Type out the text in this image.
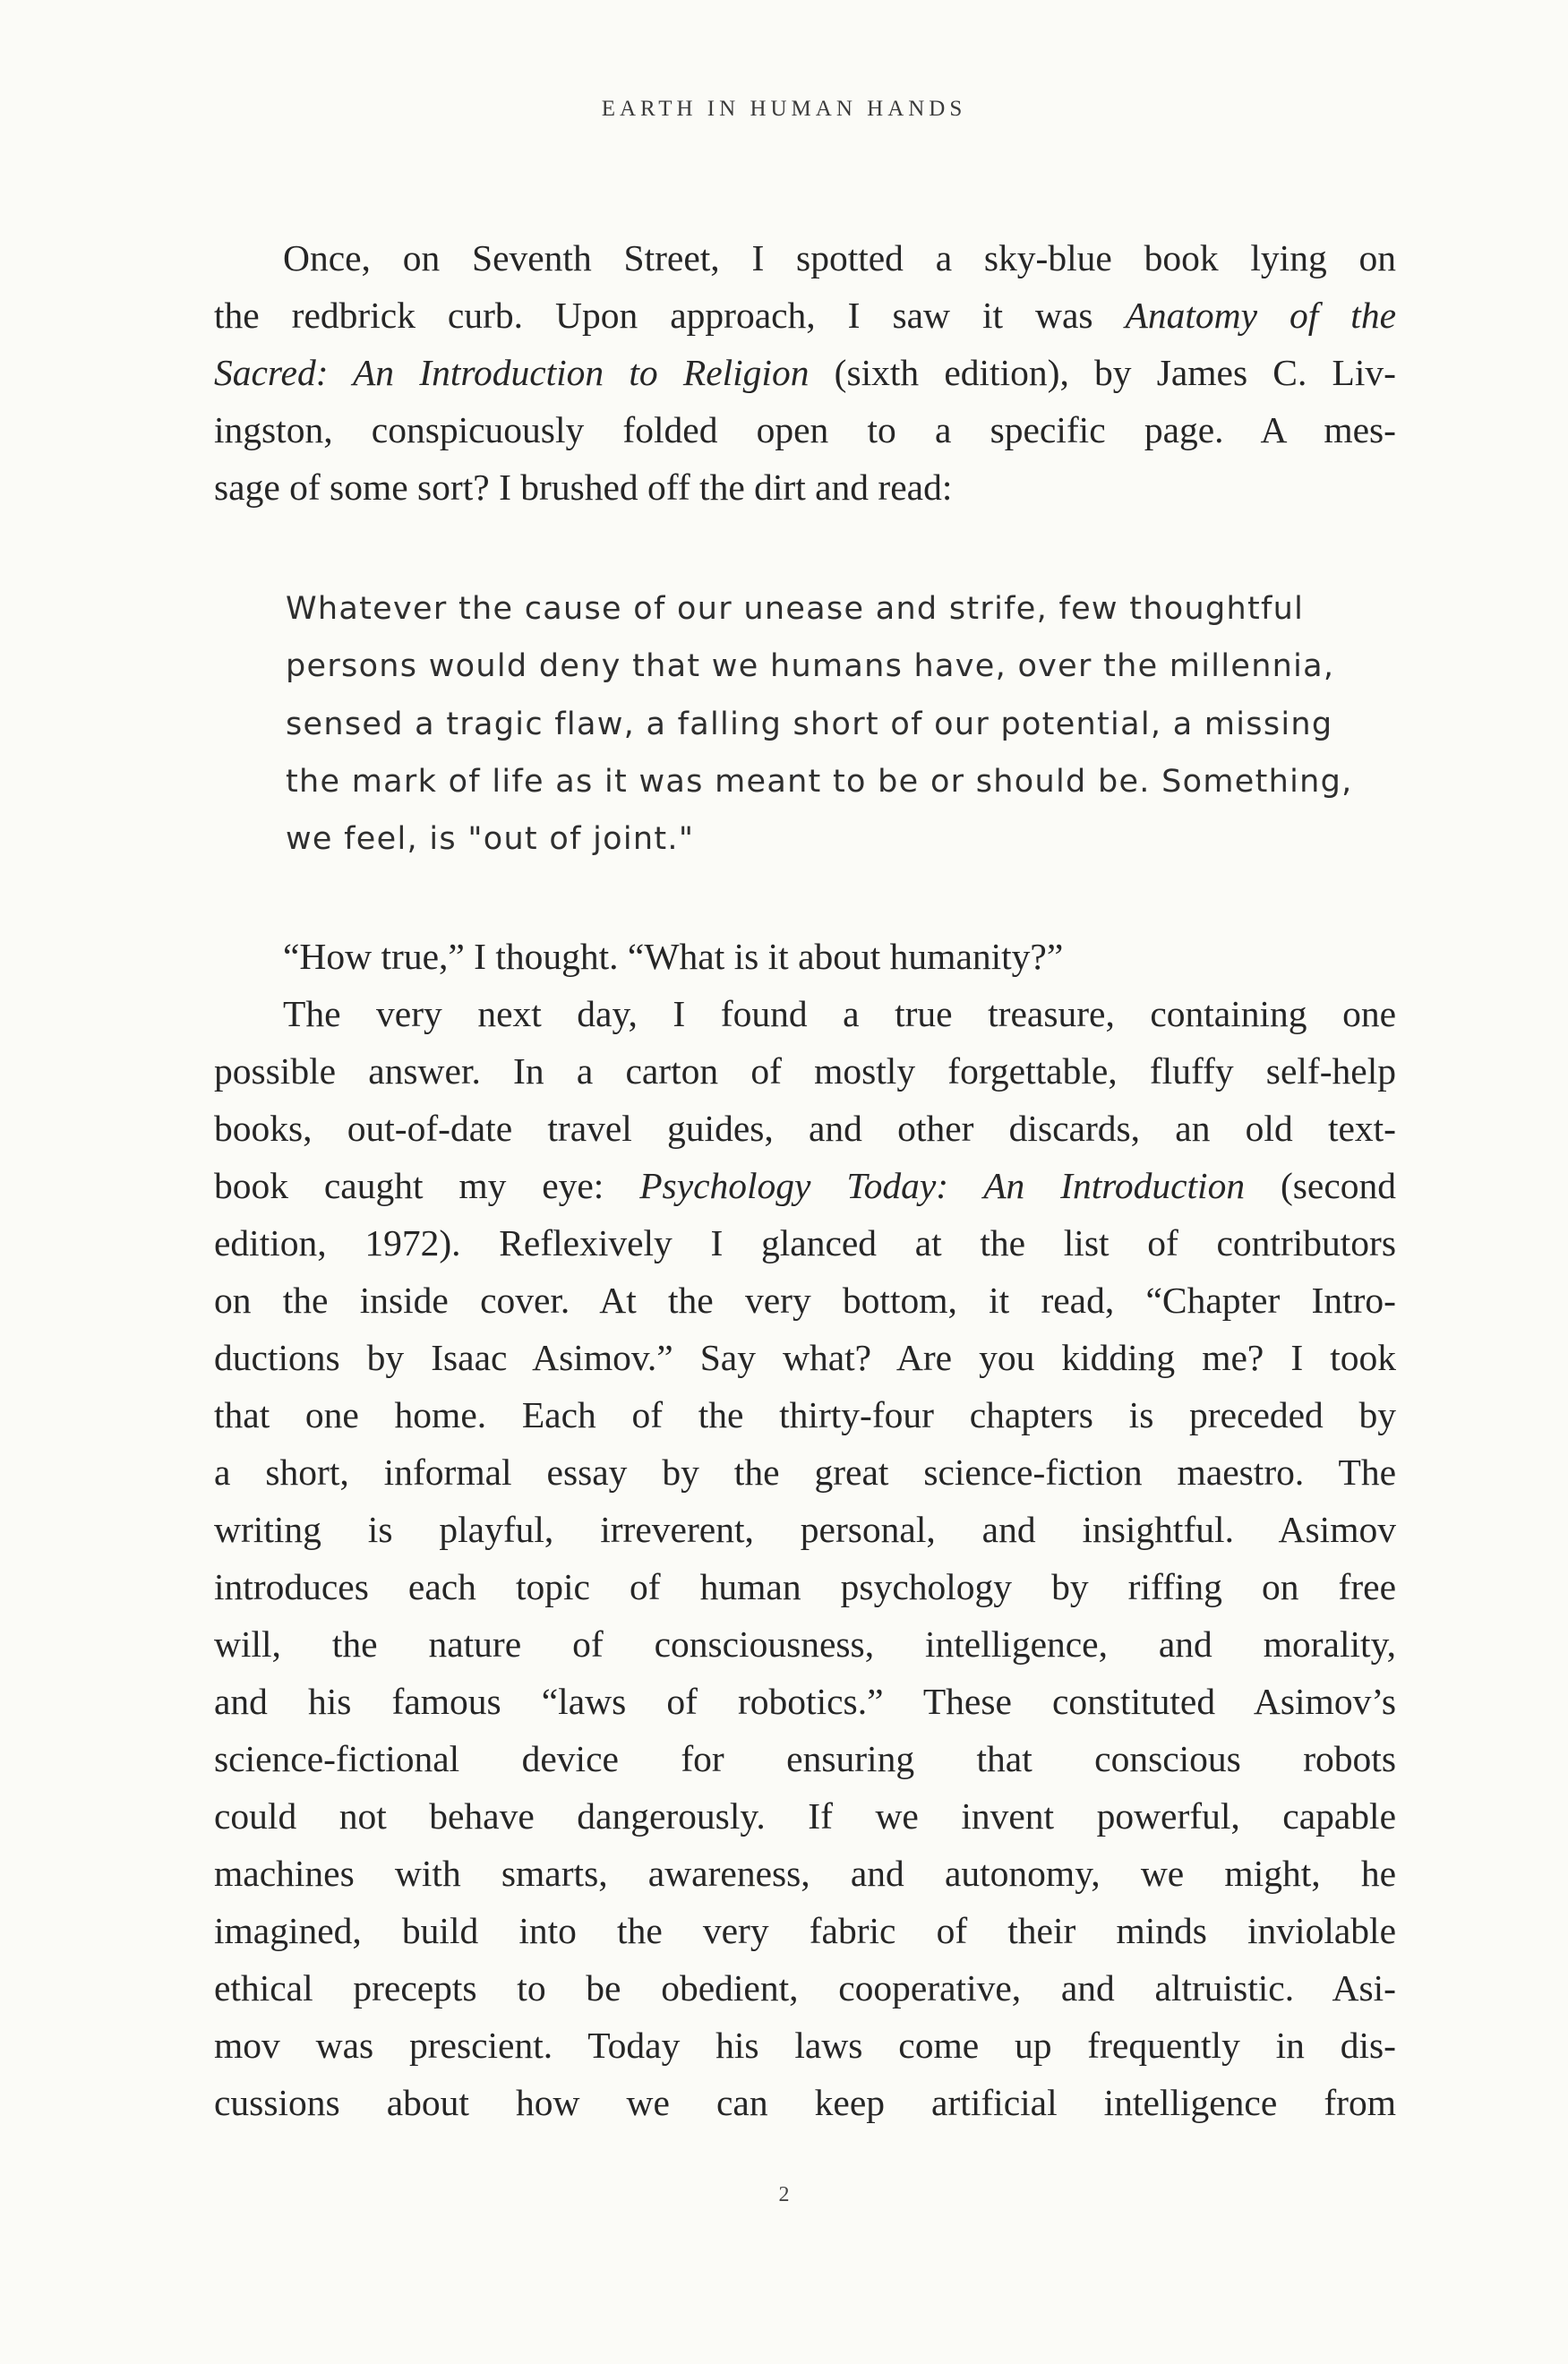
EARTH IN HUMAN HANDS
Once, on Seventh Street, I spotted a sky-blue book lying on
the redbrick curb. Upon approach, I saw it was Anatomy of the
Sacred: An Introduction to Religion (sixth edition), by James C. Liv-
ingston, conspicuously folded open to a specific page. A mes-
sage of some sort? I brushed off the dirt and read:
Whatever the cause of our unease and strife, few thoughtful
persons would deny that we humans have, over the millennia,
sensed a tragic flaw, a falling short of our potential, a missing
the mark of life as it was meant to be or should be. Something,
we feel, is "out of joint."
“How true,” I thought. “What is it about humanity?”
The very next day, I found a true treasure, containing one
possible answer. In a carton of mostly forgettable, fluffy self-help
books, out-of-date travel guides, and other discards, an old text-
book caught my eye: Psychology Today: An Introduction (second
edition, 1972). Reflexively I glanced at the list of contributors
on the inside cover. At the very bottom, it read, “Chapter Intro-
ductions by Isaac Asimov.” Say what? Are you kidding me? I took
that one home. Each of the thirty-four chapters is preceded by
a short, informal essay by the great science-fiction maestro. The
writing is playful, irreverent, personal, and insightful. Asimov
introduces each topic of human psychology by riffing on free
will, the nature of consciousness, intelligence, and morality,
and his famous “laws of robotics.” These constituted Asimov’s
science-fictional device for ensuring that conscious robots
could not behave dangerously. If we invent powerful, capable
machines with smarts, awareness, and autonomy, we might, he
imagined, build into the very fabric of their minds inviolable
ethical precepts to be obedient, cooperative, and altruistic. Asi-
mov was prescient. Today his laws come up frequently in dis-
cussions about how we can keep artificial intelligence from
2
